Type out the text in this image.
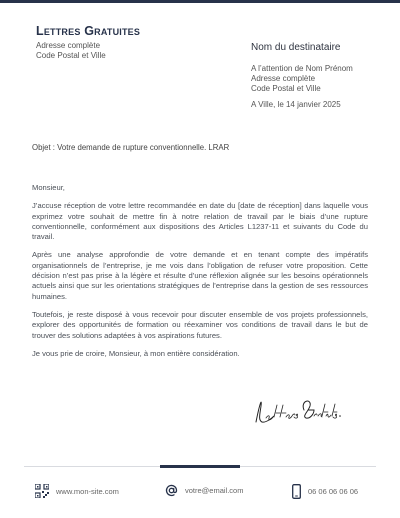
Lettres Gratuites
Adresse complète
Code Postal et Ville
Nom du destinataire
A l’attention de Nom Prénom
Adresse complète
Code Postal et Ville
A Ville, le 14 janvier 2025
Objet : Votre demande de rupture conventionnelle. LRAR

Monsieur,

J’accuse réception de votre lettre recommandée en date du [date de réception] dans laquelle vous exprimez votre souhait de mettre fin à notre relation de travail par le biais d’une rupture conventionnelle, conformément aux dispositions des Articles L1237-11 et suivants du Code du travail.

Après une analyse approfondie de votre demande et en tenant compte des impératifs organisationnels de l’entreprise, je me vois dans l’obligation de refuser votre proposition. Cette décision n’est pas prise à la légère et résulte d’une réflexion alignée sur les besoins opérationnels actuels ainsi que sur les orientations stratégiques de l’entreprise dans la gestion de ses ressources humaines.

Toutefois, je reste disposé à vous recevoir pour discuter ensemble de vos projets professionnels, explorer des opportunités de formation ou réexaminer vos conditions de travail dans le but de trouver des solutions adaptées à vos aspirations futures.

Je vous prie de croire, Monsieur, à mon entière considération.

www.mon-site.com	votre@email.com	06 06 06 06 06
